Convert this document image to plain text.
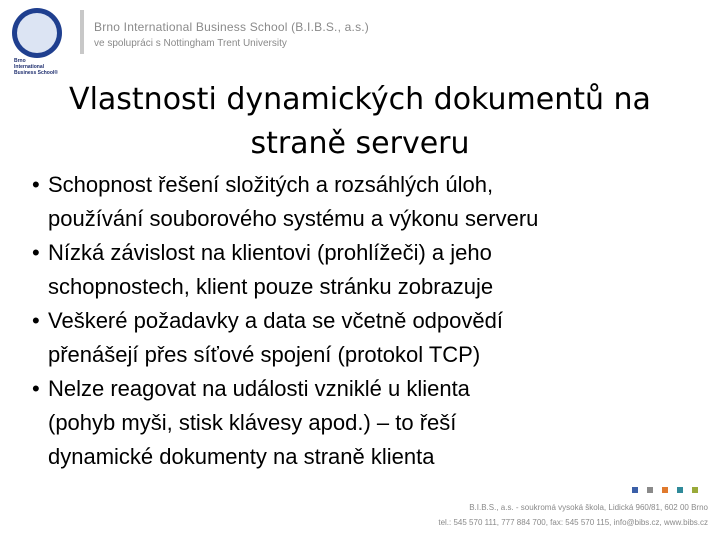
Brno
International
Business School®
Brno International Business School (B.I.B.S., a.s.)
ve spolupráci s Nottingham Trent University
Vlastnosti dynamických dokumentů na straně serveru
• Schopnost řešení složitých a rozsáhlých úloh,
používání souborového systému a výkonu serveru
• Nízká závislost na klientovi (prohlížeči) a jeho
schopnostech, klient pouze stránku zobrazuje
• Veškeré požadavky a data se včetně odpovědí
přenášejí přes síťové spojení (protokol TCP)
• Nelze reagovat na události vzniklé u klienta
(pohyb myši, stisk klávesy apod.) – to řeší
dynamické dokumenty na straně klienta
B.I.B.S., a.s. - soukromá vysoká škola, Lidická 960/81, 602 00 Brno
tel.: 545 570 111, 777 884 700, fax: 545 570 115, info@bibs.cz, www.bibs.cz
